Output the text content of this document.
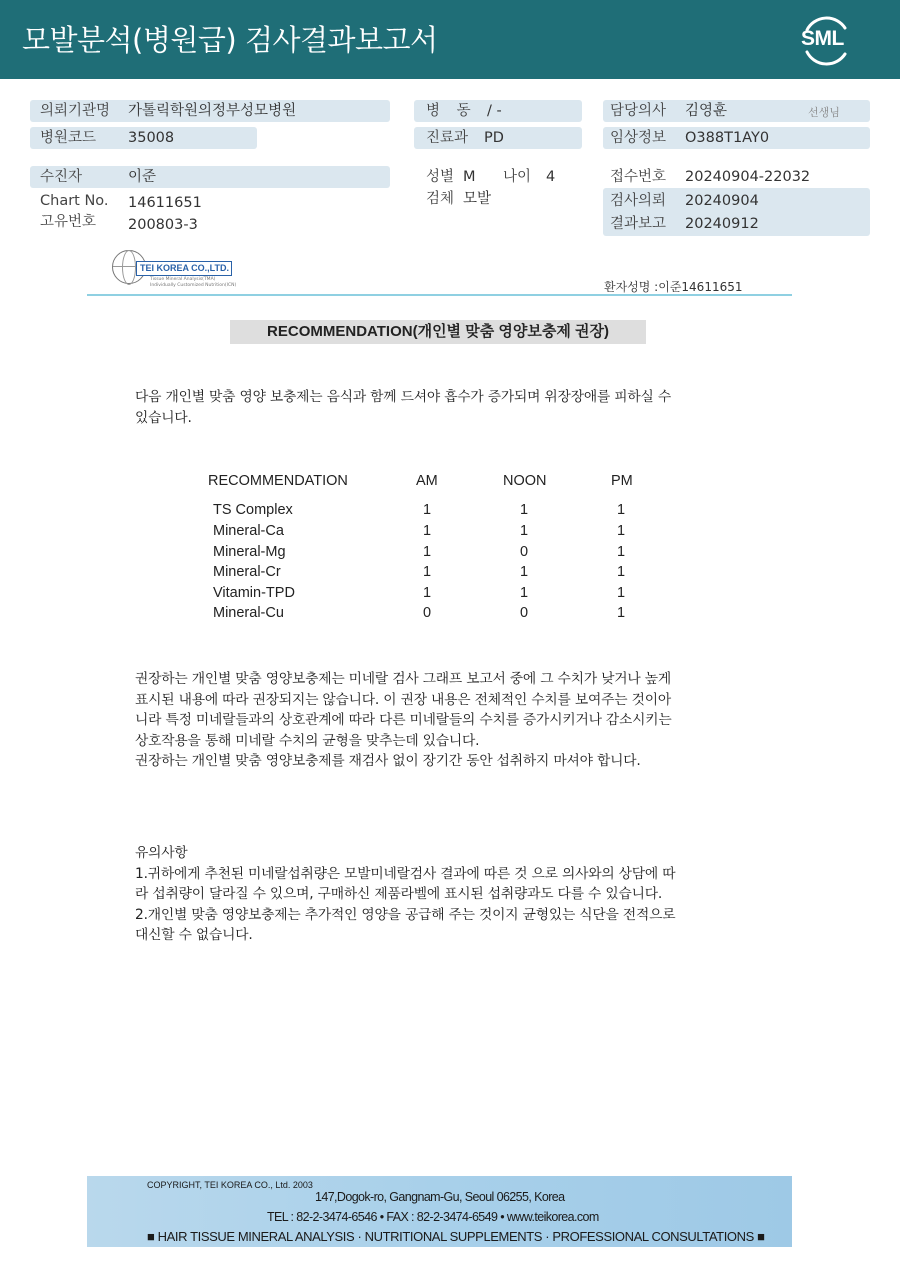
모발분석(병원급) 검사결과보고서	SML
의뢰기관명 가톨릭학원의정부성모병원
병원코드 35008
병 동 / -
진료과 PD
담당의사 김영훈	선생님
임상정보 O388T1AY0
수진자	이준
Chart No. 14611651
고유번호 200803-3
성별 M 나이 4
검체 모발
접수번호 20240904-22032
검사의뢰 20240904
결과보고 20240912
TEI KOREA CO.,LTD.
Tissue Mineral Analysis(TMA)
Individually Customized Nutrition(ICN)	환자성명 :이준14611651
RECOMMENDATION(개인별 맞춤 영양보충제 권장)
다음 개인별 맞춤 영양 보충제는 음식과 함께 드셔야 흡수가 증가되며 위장장애를 피하실 수
있습니다.
RECOMMENDATION	AM	NOON	PM
TS Complex	1	1	1
Mineral-Ca	1	1	1
Mineral-Mg	1	0	1
Mineral-Cr	1	1	1
Vitamin-TPD	1	1	1
Mineral-Cu	0	0	1
권장하는 개인별 맞춤 영양보충제는 미네랄 검사 그래프 보고서 중에 그 수치가 낮거나 높게
표시된 내용에 따라 권장되지는 않습니다. 이 권장 내용은 전체적인 수치를 보여주는 것이아
니라 특정 미네랄들과의 상호관계에 따라 다른 미네랄들의 수치를 증가시키거나 감소시키는
상호작용을 통해 미네랄 수치의 균형을 맞추는데 있습니다.
권장하는 개인별 맞춤 영양보충제를 재검사 없이 장기간 동안 섭취하지 마셔야 합니다.
유의사항
1.귀하에게 추천된 미네랄섭취량은 모발미네랄검사 결과에 따른 것 으로 의사와의 상담에 따
라 섭취량이 달라질 수 있으며, 구매하신 제품라벨에 표시된 섭취량과도 다를 수 있습니다.
2.개인별 맞춤 영양보충제는 추가적인 영양을 공급해 주는 것이지 균형있는 식단을 전적으로
대신할 수 없습니다.
COPYRIGHT, TEI KOREA CO., Ltd. 2003
147,Dogok-ro, Gangnam-Gu, Seoul 06255, Korea
TEL : 82-2-3474-6546 • FAX : 82-2-3474-6549 • www.teikorea.com
■ HAIR TISSUE MINERAL ANALYSIS · NUTRITIONAL SUPPLEMENTS · PROFESSIONAL CONSULTATIONS ■
